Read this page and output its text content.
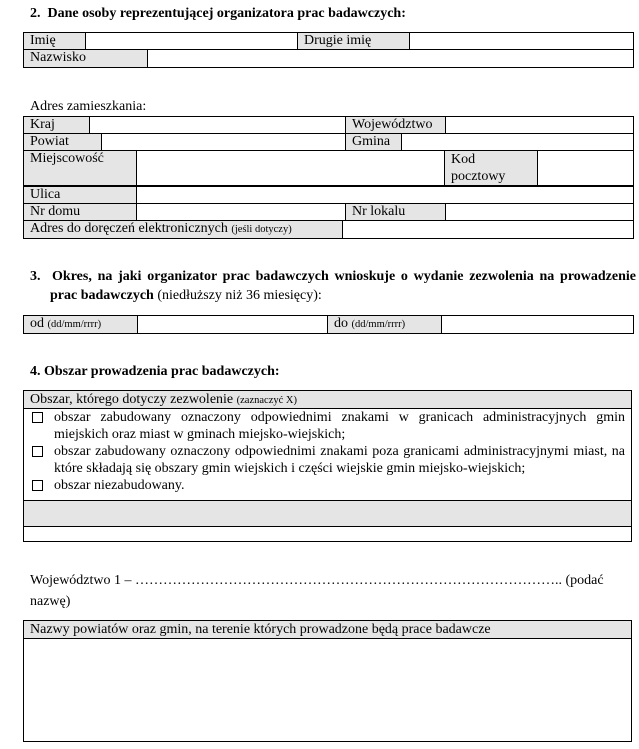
2. Dane osoby reprezentującej organizatora prac badawczych:
Imię		Drugie imię	
Nazwisko	
Adres zamieszkania:
Kraj		Województwo	
Powiat		Gmina	
Miejscowość		Kod
pocztowy	
Ulica	
Nr domu		Nr lokalu	
Adres do doręczeń elektronicznych (jeśli dotyczy)	
3. Okres, na jaki organizator prac badawczych wnioskuje o wydanie zezwolenia na prowadzenie
prac badawczych (niedłuższy niż 36 miesięcy):
od (dd/mm/rrrr)		do (dd/mm/rrrr)	
4. Obszar prowadzenia prac badawczych:
Obszar, którego dotyczy zezwolenie (zaznaczyć X)
obszar zabudowany oznaczony odpowiednimi znakami w granicach administracyjnych gmin miejskich oraz miast w gminach miejsko-wiejskich;
obszar zabudowany oznaczony odpowiednimi znakami poza granicami administracyjnymi miast, na które składają się obszary gmin wiejskich i części wiejskie gmin miejsko-wiejskich;
obszar niezabudowany.
Województwo 1 – ……………………………………………………………………………….. (podać
nazwę)
Nazwy powiatów oraz gmin, na terenie których prowadzone będą prace badawcze
